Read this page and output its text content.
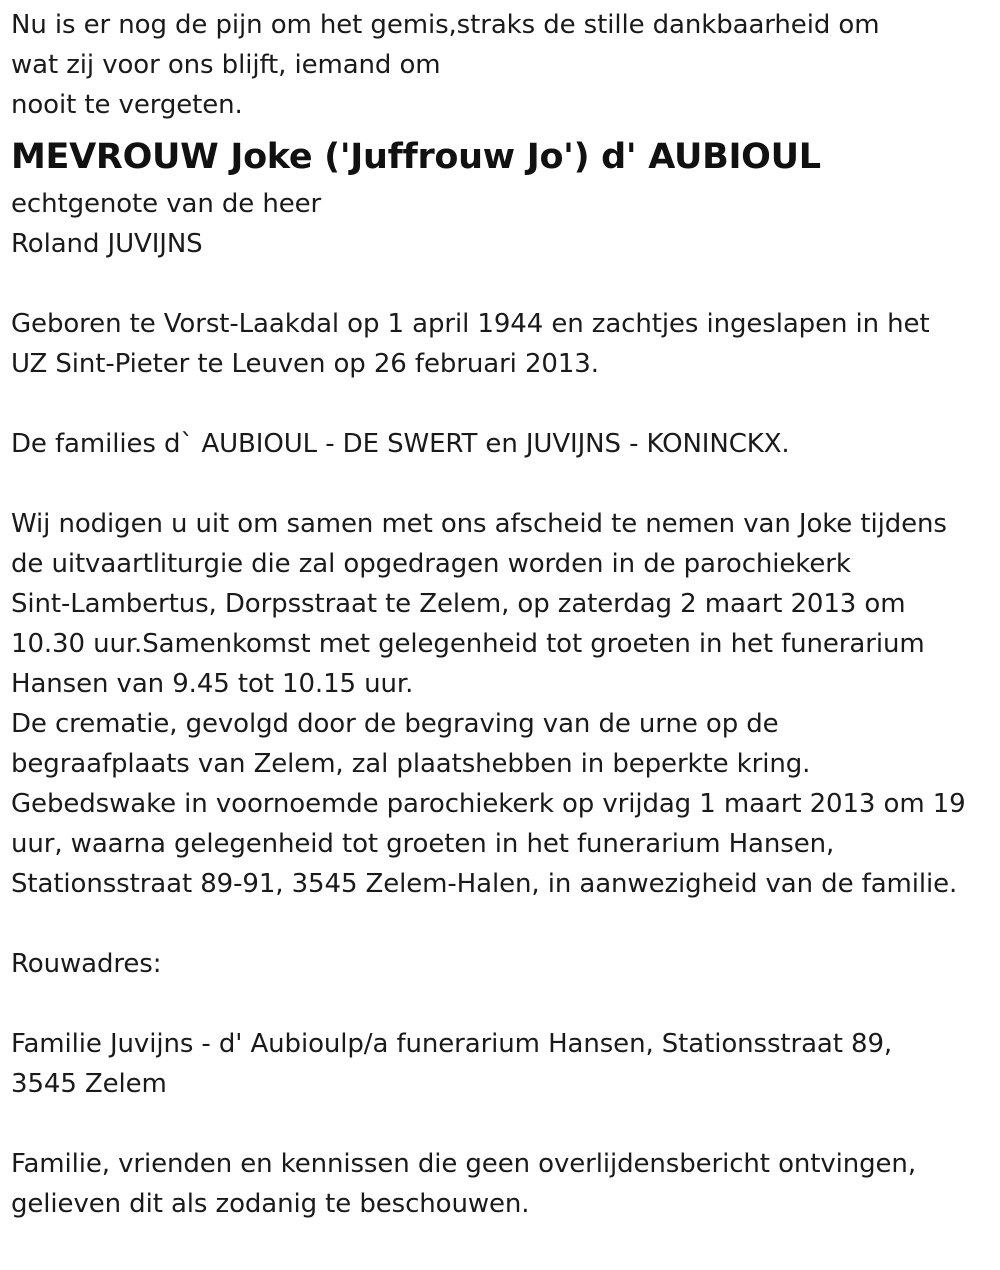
Nu is er nog de pijn om het gemis,straks de stille dankbaarheid om
wat zij voor ons blijft, iemand om
nooit te vergeten.
MEVROUW Joke ('Juffrouw Jo') d' AUBIOUL
echtgenote van de heer
Roland JUVIJNS
Geboren te Vorst-Laakdal op 1 april 1944 en zachtjes ingeslapen in het
UZ Sint-Pieter te Leuven op 26 februari 2013.
De families d` AUBIOUL - DE SWERT en JUVIJNS - KONINCKX.
Wij nodigen u uit om samen met ons afscheid te nemen van Joke tijdens
de uitvaartliturgie die zal opgedragen worden in de parochiekerk
Sint-Lambertus, Dorpsstraat te Zelem, op zaterdag 2 maart 2013 om
10.30 uur.Samenkomst met gelegenheid tot groeten in het funerarium
Hansen van 9.45 tot 10.15 uur.
De crematie, gevolgd door de begraving van de urne op de
begraafplaats van Zelem, zal plaatshebben in beperkte kring.
Gebedswake in voornoemde parochiekerk op vrijdag 1 maart 2013 om 19
uur, waarna gelegenheid tot groeten in het funerarium Hansen,
Stationsstraat 89-91, 3545 Zelem-Halen, in aanwezigheid van de familie.
Rouwadres:
Familie Juvijns - d' Aubioulp/a funerarium Hansen, Stationsstraat 89,
3545 Zelem
Familie, vrienden en kennissen die geen overlijdensbericht ontvingen,
gelieven dit als zodanig te beschouwen.
